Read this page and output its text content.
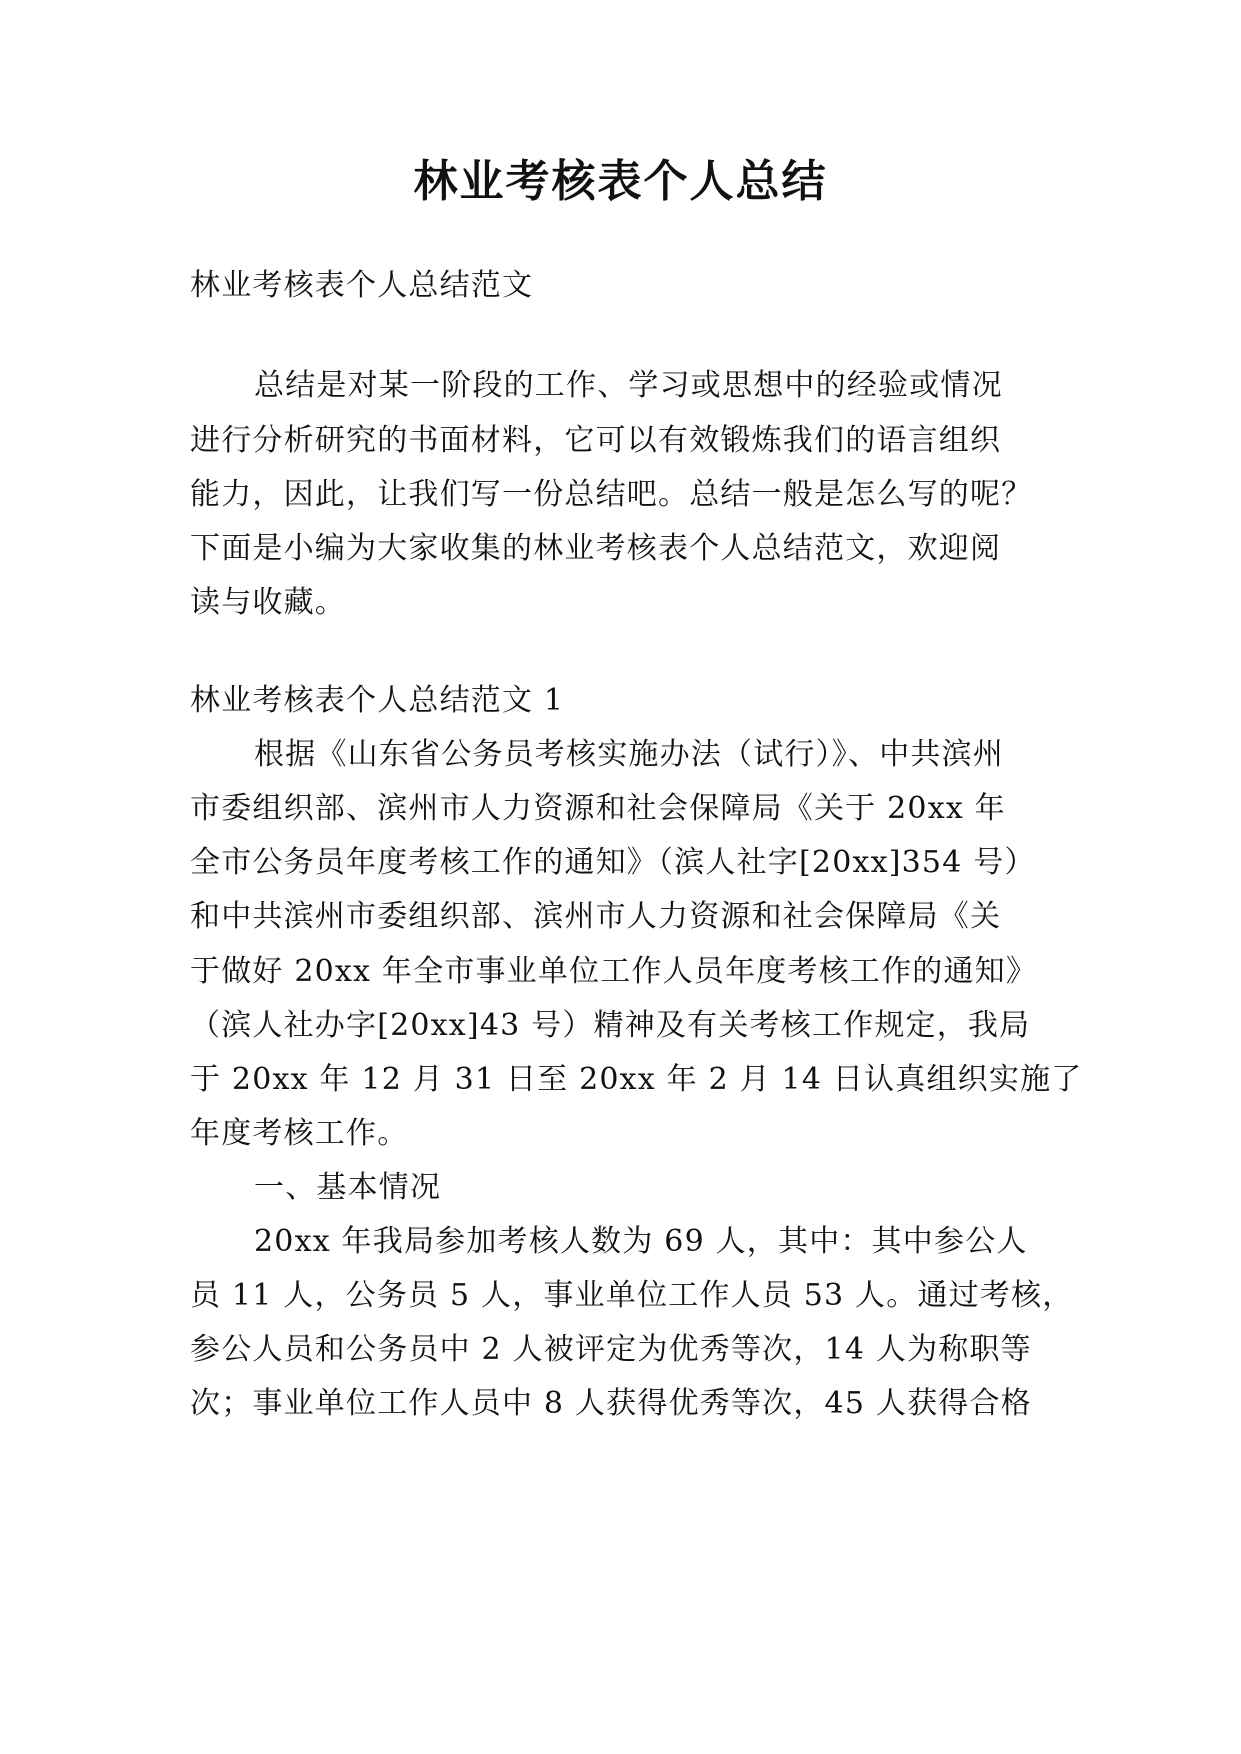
林业考核表个人总结
林业考核表个人总结范文
总结是对某一阶段的工作、学习或思想中的经验或情况
进行分析研究的书面材料，它可以有效锻炼我们的语言组织
能力，因此，让我们写一份总结吧。总结一般是怎么写的呢？
下面是小编为大家收集的林业考核表个人总结范文，欢迎阅
读与收藏。
林业考核表个人总结范文 1
根据《山东省公务员考核实施办法（试行）》、中共滨州
市委组织部、滨州市人力资源和社会保障局《关于 20xx 年
全市公务员年度考核工作的通知》（滨人社字[20xx]354 号）
和中共滨州市委组织部、滨州市人力资源和社会保障局《关
于做好 20xx 年全市事业单位工作人员年度考核工作的通知》
（滨人社办字[20xx]43 号）精神及有关考核工作规定，我局
于 20xx 年 12 月 31 日至 20xx 年 2 月 14 日认真组织实施了
年度考核工作。
一、基本情况
20xx 年我局参加考核人数为 69 人，其中：其中参公人
员 11 人，公务员 5 人，事业单位工作人员 53 人。通过考核，
参公人员和公务员中 2 人被评定为优秀等次，14 人为称职等
次；事业单位工作人员中 8 人获得优秀等次，45 人获得合格
